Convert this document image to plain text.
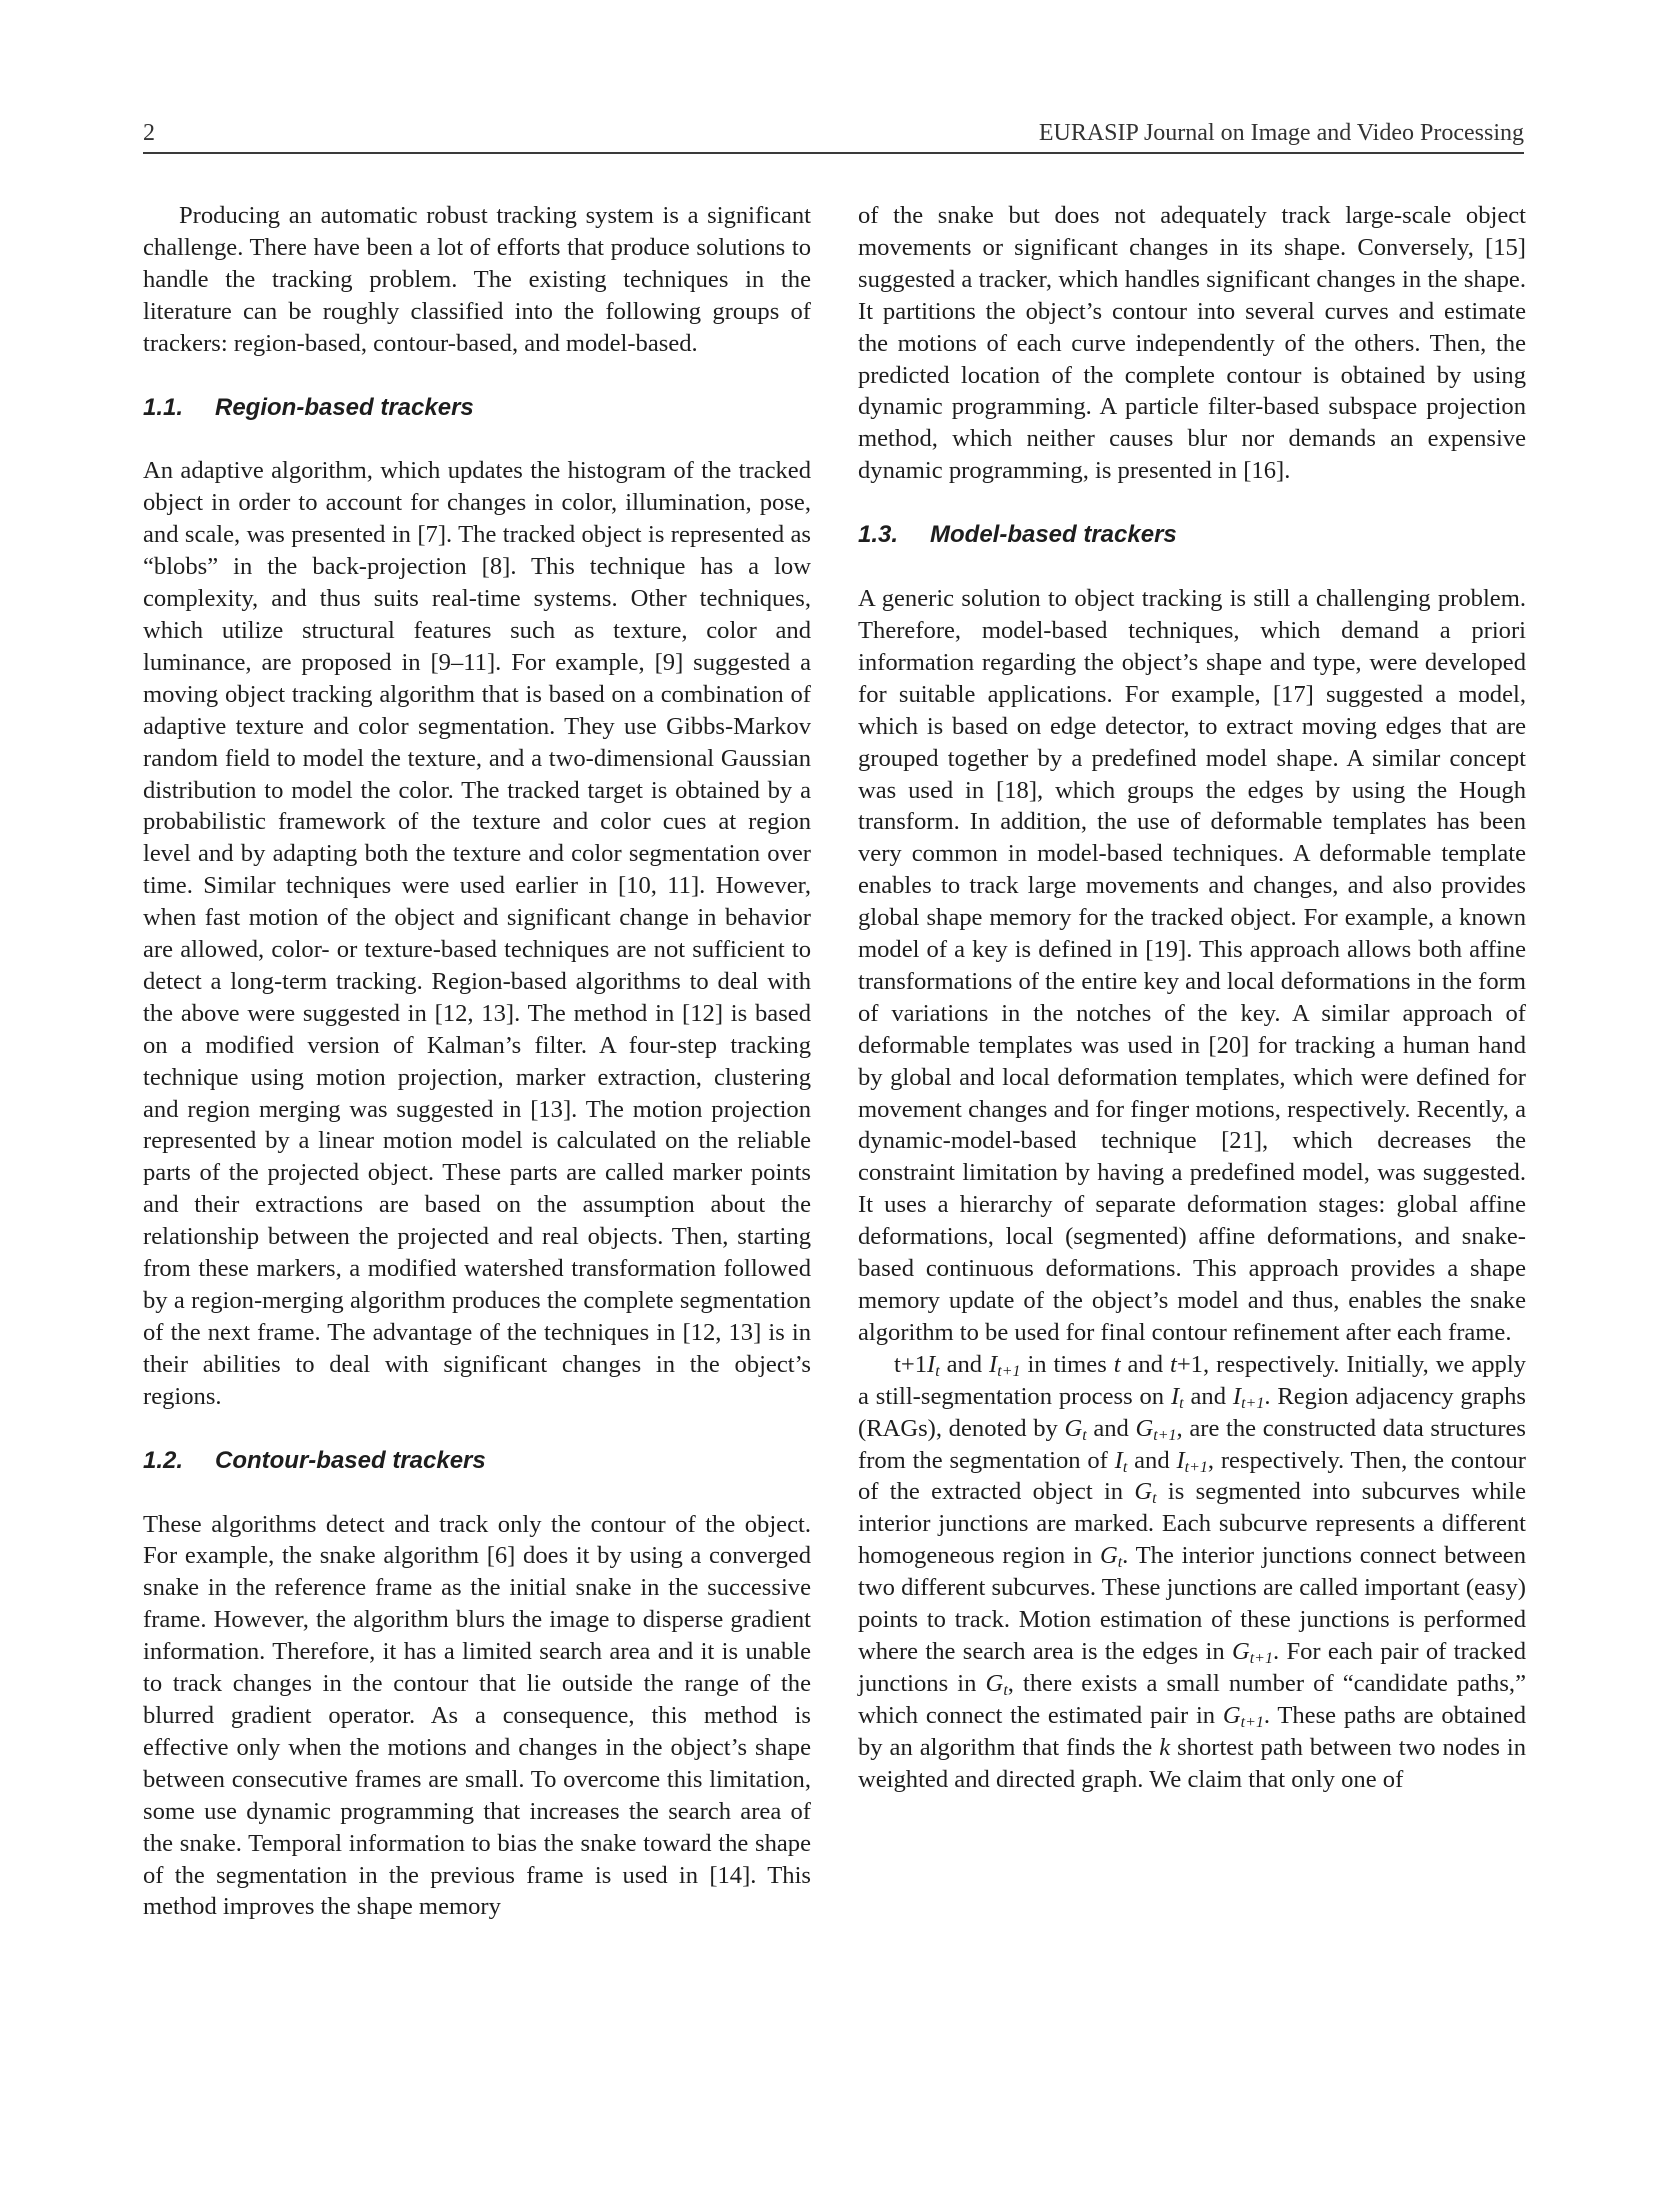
2	EURASIP Journal on Image and Video Processing

Producing an automatic robust tracking system is a significant challenge. There have been a lot of efforts that produce solutions to handle the tracking problem. The existing techniques in the literature can be roughly classified into the following groups of trackers: region-based, contour-based, and model-based.

1.1. Region-based trackers

An adaptive algorithm, which updates the histogram of the tracked object in order to account for changes in color, illumination, pose, and scale, was presented in [7]. The tracked object is represented as “blobs” in the back-projection [8]. This technique has a low complexity, and thus suits real-time systems. Other techniques, which utilize structural features such as texture, color and luminance, are proposed in [9–11]. For example, [9] suggested a moving object tracking algorithm that is based on a combination of adaptive texture and color segmentation. They use Gibbs-Markov random field to model the texture, and a two-dimensional Gaussian distribution to model the color. The tracked target is obtained by a probabilistic framework of the texture and color cues at region level and by adapting both the texture and color segmentation over time. Similar techniques were used earlier in [10, 11]. However, when fast motion of the object and significant change in behavior are allowed, color- or texture-based techniques are not sufficient to detect a long-term tracking. Region-based algorithms to deal with the above were suggested in [12, 13]. The method in [12] is based on a modified version of Kalman’s filter. A four-step tracking technique using motion projection, marker extraction, clustering and region merging was suggested in [13]. The motion projection represented by a linear motion model is calculated on the reliable parts of the projected object. These parts are called marker points and their extractions are based on the assumption about the relationship between the projected and real objects. Then, starting from these markers, a modified watershed transformation followed by a region-merging algorithm produces the complete segmentation of the next frame. The advantage of the techniques in [12, 13] is in their abilities to deal with significant changes in the object’s regions.

1.2. Contour-based trackers

These algorithms detect and track only the contour of the object. For example, the snake algorithm [6] does it by using a converged snake in the reference frame as the initial snake in the successive frame. However, the algorithm blurs the image to disperse gradient information. Therefore, it has a limited search area and it is unable to track changes in the contour that lie outside the range of the blurred gradient operator. As a consequence, this method is effective only when the motions and changes in the object’s shape between consecutive frames are small. To overcome this limitation, some use dynamic programming that increases the search area of the snake. Temporal information to bias the snake toward the shape of the segmentation in the previous frame is used in [14]. This method improves the shape memory

of the snake but does not adequately track large-scale object movements or significant changes in its shape. Conversely, [15] suggested a tracker, which handles significant changes in the shape. It partitions the object’s contour into several curves and estimate the motions of each curve independently of the others. Then, the predicted location of the complete contour is obtained by using dynamic programming. A particle filter-based subspace projection method, which neither causes blur nor demands an expensive dynamic programming, is presented in [16].

1.3. Model-based trackers

A generic solution to object tracking is still a challenging problem. Therefore, model-based techniques, which demand a priori information regarding the object’s shape and type, were developed for suitable applications. For example, [17] suggested a model, which is based on edge detector, to extract moving edges that are grouped together by a predefined model shape. A similar concept was used in [18], which groups the edges by using the Hough transform. In addition, the use of deformable templates has been very common in model-based techniques. A deformable template enables to track large movements and changes, and also provides global shape memory for the tracked object. For example, a known model of a key is defined in [19]. This approach allows both affine transformations of the entire key and local deformations in the form of variations in the notches of the key. A similar approach of deformable templates was used in [20] for tracking a human hand by global and local deformation templates, which were defined for movement changes and for finger motions, respectively. Recently, a dynamic-model-based technique [21], which decreases the constraint limitation by having a predefined model, was suggested. It uses a hierarchy of separate deformation stages: global affine deformations, local (segmented) affine deformations, and snake-based continuous deformations. This approach provides a shape memory update of the object’s model and thus, enables the snake algorithm to be used for final contour refinement after each frame.

$t+1I_t$ and $I_{t+1}$ in times t and t+1, respectively. Initially, we apply a still-segmentation process on $I_t$ and $I_{t+1}$. Region adjacency graphs (RAGs), denoted by $G_t$ and $G_{t+1}$, are the constructed data structures from the segmentation of $I_t$ and $I_{t+1}$, respectively. Then, the contour of the extracted object in $G_t$ is segmented into subcurves while interior junctions are marked. Each subcurve represents a different homogeneous region in $G_t$. The interior junctions connect between two different subcurves. These junctions are called important (easy) points to track. Motion estimation of these junctions is performed where the search area is the edges in $G_{t+1}$. For each pair of tracked junctions in $G_t$, there exists a small number of “candidate paths,” which connect the estimated pair in $G_{t+1}$. These paths are obtained by an algorithm that finds the k shortest path between two nodes in weighted and directed graph. We claim that only one of
